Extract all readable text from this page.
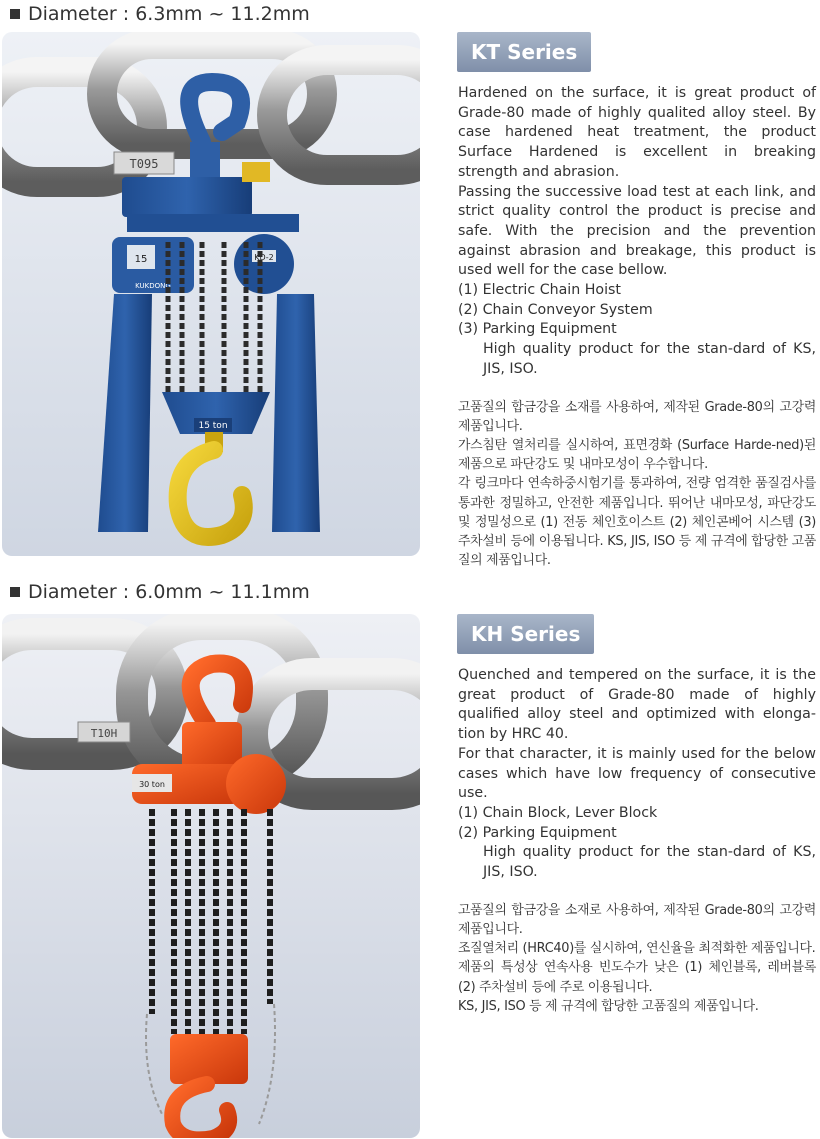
Diameter : 6.3mm ~ 11.2mm
T095
15
KUKDONG
KD-2
15 ton
KT Series

Hardened on the surface, it is great product of Grade-80 made of highly qualited alloy steel. By case hardened heat treatment, the product Surface Hardened is excellent in breaking strength and abrasion.

Passing the successive load test at each link, and strict quality control the product is precise and safe. With the precision and the prevention against abrasion and breakage, this product is used well for the case bellow.

(1) Electric Chain Hoist

(2) Chain Conveyor System

(3) Parking Equipment

High quality product for the stan-dard of KS, JIS, ISO.

고품질의 합금강을 소재를 사용하여, 제작된 Grade-80의 고강력제품입니다.

가스침탄 열처리를 실시하여, 표면경화 (Surface Harde-ned)된 제품으로 파단강도 및 내마모성이 우수합니다.

각 링크마다 연속하중시험기를 통과하여, 전량 엄격한 품질검사를 통과한 정밀하고, 안전한 제품입니다. 뛰어난 내마모성, 파단강도 및 정밀성으로 (1) 전동 체인호이스트 (2) 체인콘베어 시스템 (3) 주차설비 등에 이용됩니다. KS, JIS, ISO 등 제 규격에 합당한 고품질의 제품입니다.

Diameter : 6.0mm ~ 11.1mm
T10H
30 ton
KH Series

Quenched and tempered on the surface, it is the great product of Grade-80 made of highly qualified alloy steel and optimized with elonga-tion by HRC 40.

For that character, it is mainly used for the below cases which have low frequency of consecutive use.

(1) Chain Block, Lever Block

(2) Parking Equipment

High quality product for the stan-dard of KS, JIS, ISO.

고품질의 합금강을 소재로 사용하여, 제작된 Grade-80의 고강력 제품입니다.

조질열처리 (HRC40)를 실시하여, 연신율을 최적화한 제품입니다.

제품의 특성상 연속사용 빈도수가 낮은 (1) 체인블록, 레버블록 (2) 주차설비 등에 주로 이용됩니다.

KS, JIS, ISO 등 제 규격에 합당한 고품질의 제품입니다.
